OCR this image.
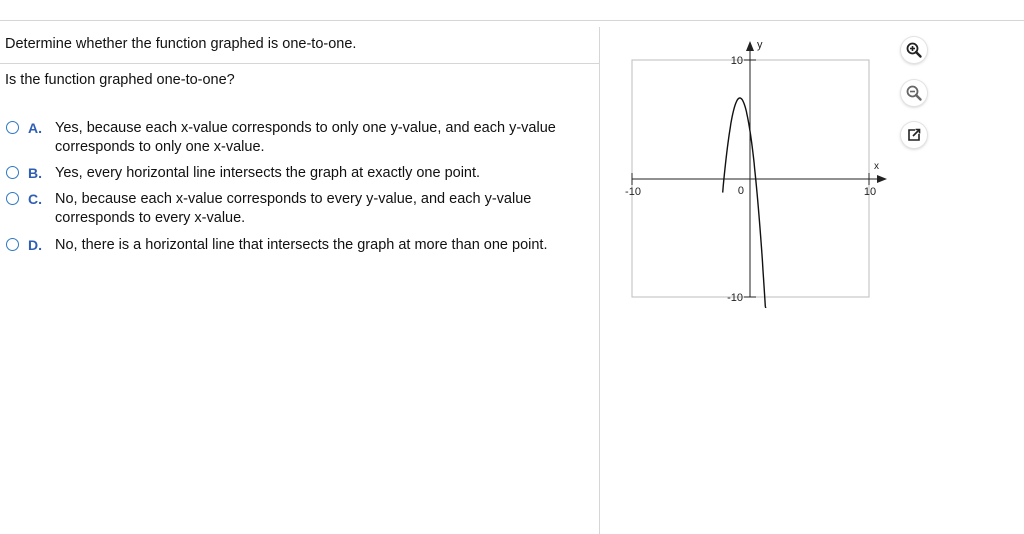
Determine whether the function graphed is one-to-one.
Is the function graphed one-to-one?
A. Yes, because each x-value corresponds to only one y-value, and each y-value corresponds to only one x-value.
B. Yes, every horizontal line intersects the graph at exactly one point.
C. No, because each x-value corresponds to every y-value, and each y-value corresponds to every x-value.
D. No, there is a horizontal line that intersects the graph at more than one point.
y
x
10
-10
-10	10
0
